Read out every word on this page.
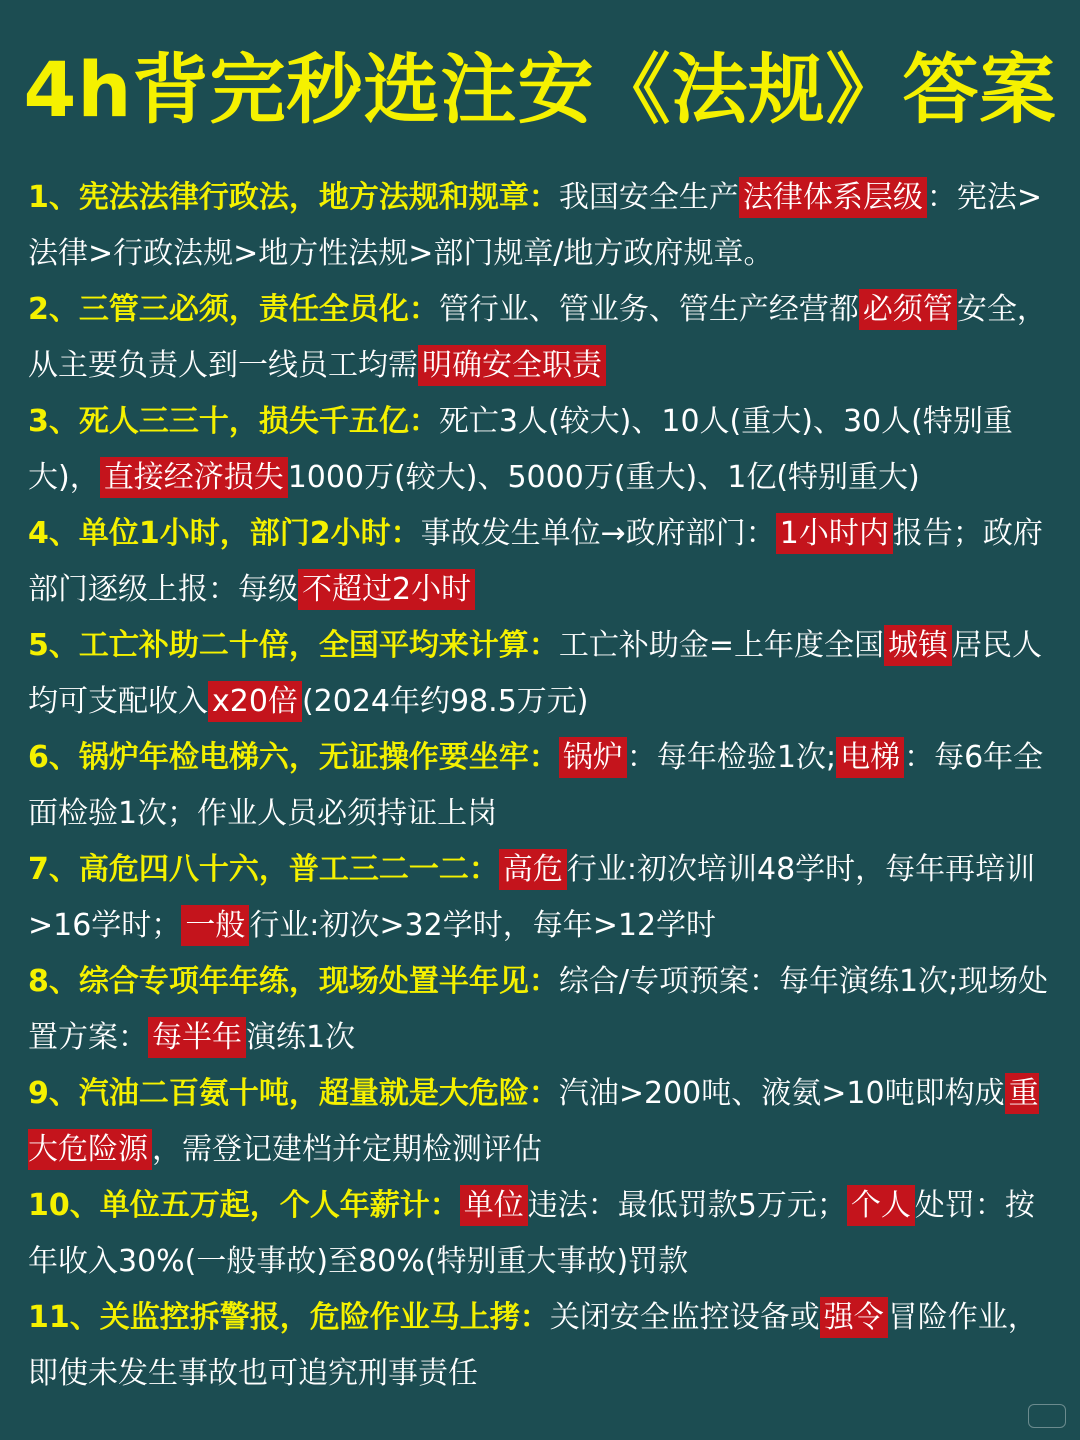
4h背完秒选注安《法规》答案
1、宪法法律行政法，地方法规和规章：我国安全生产 法律体系层级 ：宪法>法律>行政法规>地方性法规>部门规章/地方政府规章。
2、三管三必须，责任全员化：管行业、管业务、管生产经营都 必须管 安全，从主要负责人到一线员工均需 明确安全职责
3、死人三三十，损失千五亿：死亡3人(较大)、10人(重大)、30人(特别重大)， 直接经济损失 1000万(较大)、5000万(重大)、1亿(特别重大)
4、单位1小时，部门2小时：事故发生单位→政府部门： 1小时内 报告；政府部门逐级上报：每级 不超过2小时
5、工亡补助二十倍，全国平均来计算：工亡补助金=上年度全国 城镇 居民人均可支配收入 x20倍 (2024年约98.5万元)
6、锅炉年检电梯六，无证操作要坐牢： 锅炉 ：每年检验1次; 电梯 ：每6年全面检验1次；作业人员必须持证上岗
7、高危四八十六，普工三二一二： 高危 行业:初次培训48学时，每年再培训>16学时； 一般 行业:初次>32学时，每年>12学时
8、综合专项年年练，现场处置半年见：综合/专项预案：每年演练1次;现场处置方案： 每半年 演练1次
9、汽油二百氨十吨，超量就是大危险：汽油>200吨、液氨>10吨即构成 重大危险源 ，需登记建档并定期检测评估
10、单位五万起，个人年薪计： 单位 违法：最低罚款5万元； 个人 处罚：按年收入30%(一般事故)至80%(特别重大事故)罚款
11、关监控拆警报，危险作业马上拷：关闭安全监控设备或 强令 冒险作业，即使未发生事故也可追究刑事责任
